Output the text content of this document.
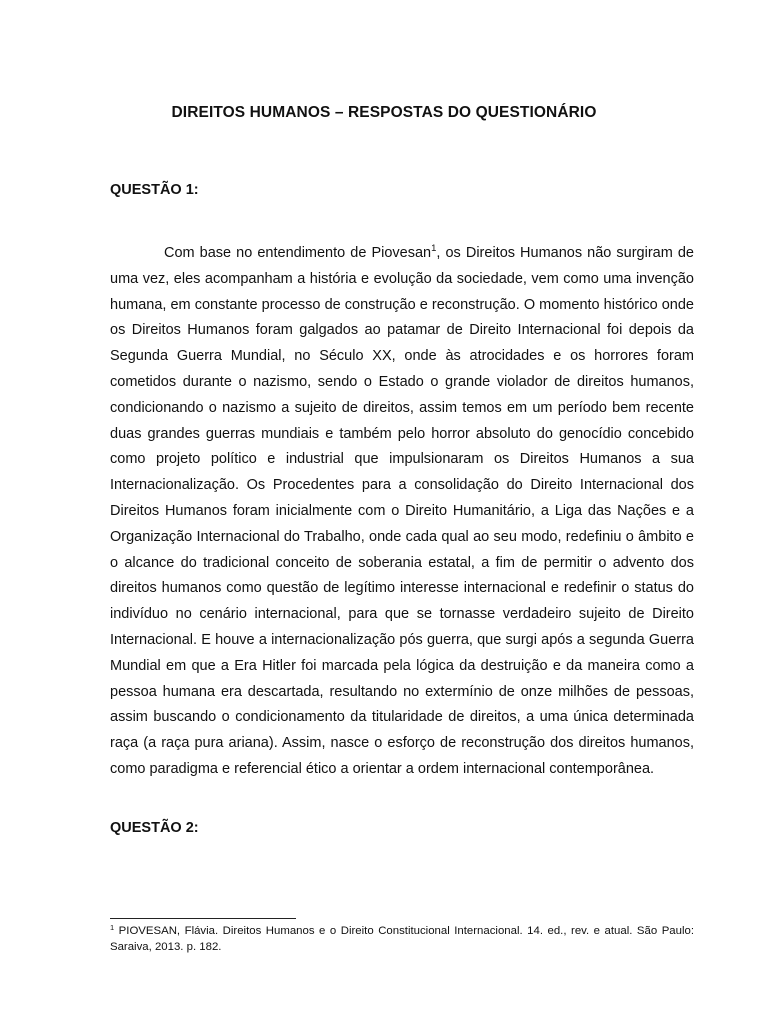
DIREITOS HUMANOS – RESPOSTAS DO QUESTIONÁRIO
QUESTÃO 1:
Com base no entendimento de Piovesan$^1$, os Direitos Humanos não surgiram de uma vez, eles acompanham a história e evolução da sociedade, vem como uma invenção humana, em constante processo de construção e reconstrução. O momento histórico onde os Direitos Humanos foram galgados ao patamar de Direito Internacional foi depois da Segunda Guerra Mundial, no Século XX, onde às atrocidades e os horrores foram cometidos durante o nazismo, sendo o Estado o grande violador de direitos humanos, condicionando o nazismo a sujeito de direitos, assim temos em um período bem recente duas grandes guerras mundiais e também pelo horror absoluto do genocídio concebido como projeto político e industrial que impulsionaram os Direitos Humanos a sua Internacionalização. Os Procedentes para a consolidação do Direito Internacional dos Direitos Humanos foram inicialmente com o Direito Humanitário, a Liga das Nações e a Organização Internacional do Trabalho, onde cada qual ao seu modo, redefiniu o âmbito e o alcance do tradicional conceito de soberania estatal, a fim de permitir o advento dos direitos humanos como questão de legítimo interesse internacional e redefinir o status do indivíduo no cenário internacional, para que se tornasse verdadeiro sujeito de Direito Internacional. E houve a internacionalização pós guerra, que surgi após a segunda Guerra Mundial em que a Era Hitler foi marcada pela lógica da destruição e da maneira como a pessoa humana era descartada, resultando no extermínio de onze milhões de pessoas, assim buscando o condicionamento da titularidade de direitos, a uma única determinada raça (a raça pura ariana). Assim, nasce o esforço de reconstrução dos direitos humanos, como paradigma e referencial ético a orientar a ordem internacional contemporânea.
QUESTÃO 2:
$^1$ PIOVESAN, Flávia. Direitos Humanos e o Direito Constitucional Internacional. 14. ed., rev. e atual. São Paulo: Saraiva, 2013. p. 182.
